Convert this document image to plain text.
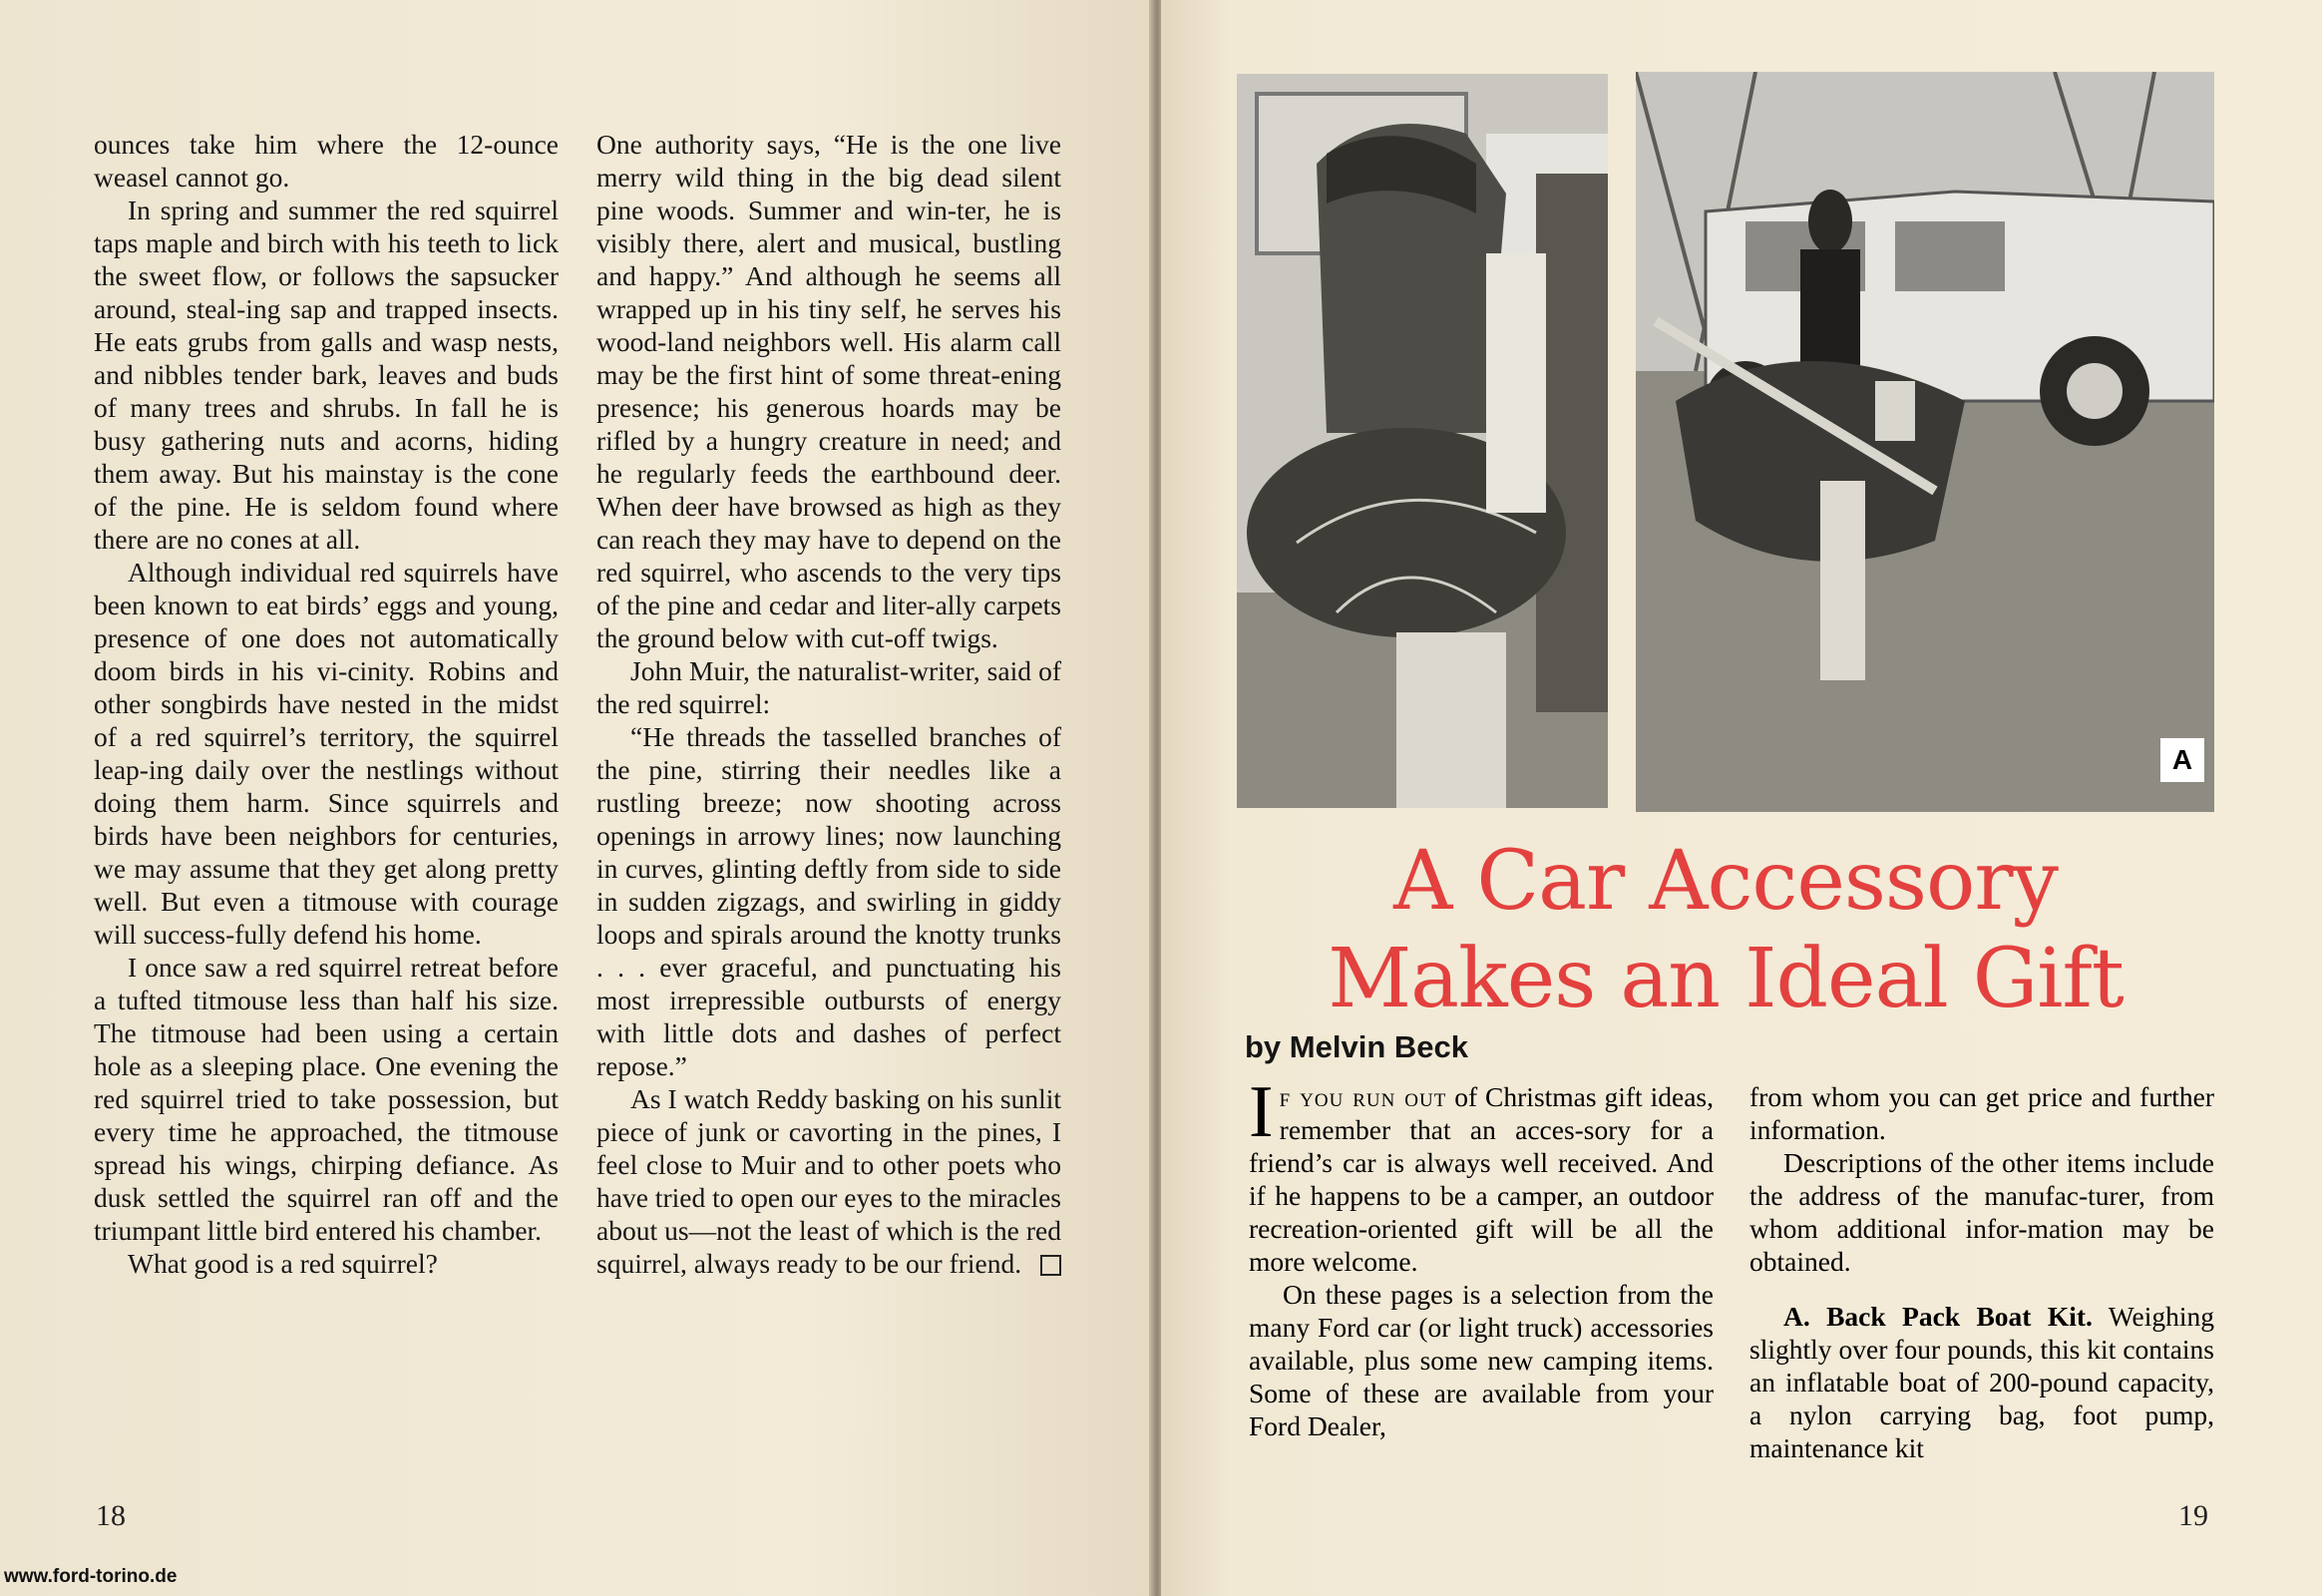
ounces take him where the 12-ounce weasel cannot go.

In spring and summer the red squirrel taps maple and birch with his teeth to lick the sweet flow, or follows the sapsucker around, steal-ing sap and trapped insects. He eats grubs from galls and wasp nests, and nibbles tender bark, leaves and buds of many trees and shrubs. In fall he is busy gathering nuts and acorns, hiding them away. But his mainstay is the cone of the pine. He is seldom found where there are no cones at all.

Although individual red squirrels have been known to eat birds’ eggs and young, presence of one does not automatically doom birds in his vi-cinity. Robins and other songbirds have nested in the midst of a red squirrel’s territory, the squirrel leap-ing daily over the nestlings without doing them harm. Since squirrels and birds have been neighbors for centuries, we may assume that they get along pretty well. But even a titmouse with courage will success-fully defend his home.

I once saw a red squirrel retreat before a tufted titmouse less than half his size. The titmouse had been using a certain hole as a sleeping place. One evening the red squirrel tried to take possession, but every time he approached, the titmouse spread his wings, chirping defiance. As dusk settled the squirrel ran off and the triumpant little bird entered his chamber.

What good is a red squirrel?

One authority says, “He is the one live merry wild thing in the big dead silent pine woods. Summer and win-ter, he is visibly there, alert and musical, bustling and happy.” And although he seems all wrapped up in his tiny self, he serves his wood-land neighbors well. His alarm call may be the first hint of some threat-ening presence; his generous hoards may be rifled by a hungry creature in need; and he regularly feeds the earthbound deer. When deer have browsed as high as they can reach they may have to depend on the red squirrel, who ascends to the very tips of the pine and cedar and liter-ally carpets the ground below with cut-off twigs.

John Muir, the naturalist-writer, said of the red squirrel:

“He threads the tasselled branches of the pine, stirring their needles like a rustling breeze; now shooting across openings in arrowy lines; now launching in curves, glinting deftly from side to side in sudden zigzags, and swirling in giddy loops and spirals around the knotty trunks . . . ever graceful, and punctuating his most irrepressible outbursts of energy with little dots and dashes of perfect repose.”

As I watch Reddy basking on his sunlit piece of junk or cavorting in the pines, I feel close to Muir and to other poets who have tried to open our eyes to the miracles about us—not the least of which is the red squirrel, always ready to be our friend.

18
www.ford-torino.de
A
A Car Accessory
Makes an Ideal Gift
by Melvin Beck

If you run out of Christmas gift ideas, remember that an acces-sory for a friend’s car is always well received. And if he happens to be a camper, an outdoor recreation-oriented gift will be all the more welcome.

On these pages is a selection from the many Ford car (or light truck) accessories available, plus some new camping items. Some of these are available from your Ford Dealer,

from whom you can get price and further information.

Descriptions of the other items include the address of the manufac-turer, from whom additional infor-mation may be obtained.

A. Back Pack Boat Kit. Weighing slightly over four pounds, this kit contains an inflatable boat of 200-pound capacity, a nylon carrying bag, foot pump, maintenance kit

19
